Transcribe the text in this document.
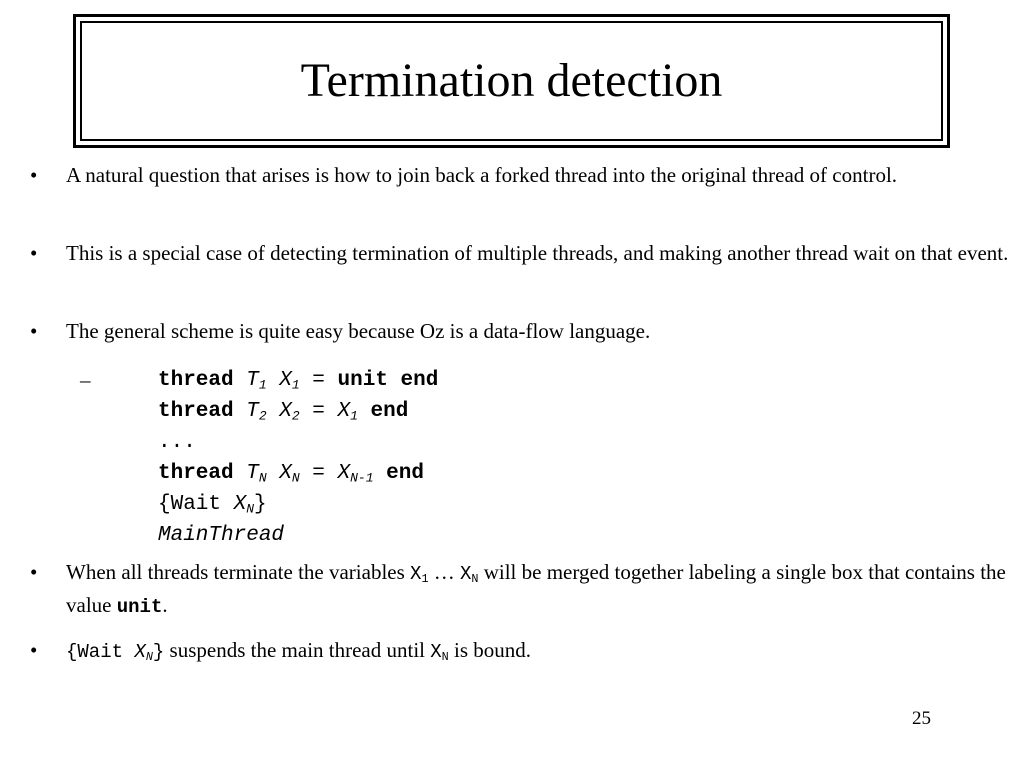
Termination detection
• A natural question that arises is how to join back a forked thread into the original thread of control.
• This is a special case of detecting termination of multiple threads, and making another thread wait on that event.
• The general scheme is quite easy because Oz is a data-flow language.
–	thread $T_1$ $X_1$ = unit end
thread $T_2$ $X_2 = X_1$ end
...
thread $T_N$ $X_N = X_{N-1}$ end
{Wait $X_N$}
MainThread
• When all threads terminate the variables $X_1$ … $X_N$ will be merged together labeling a single box that contains the value unit.
• {Wait $X_N$} suspends the main thread until $X_N$ is bound.
25
